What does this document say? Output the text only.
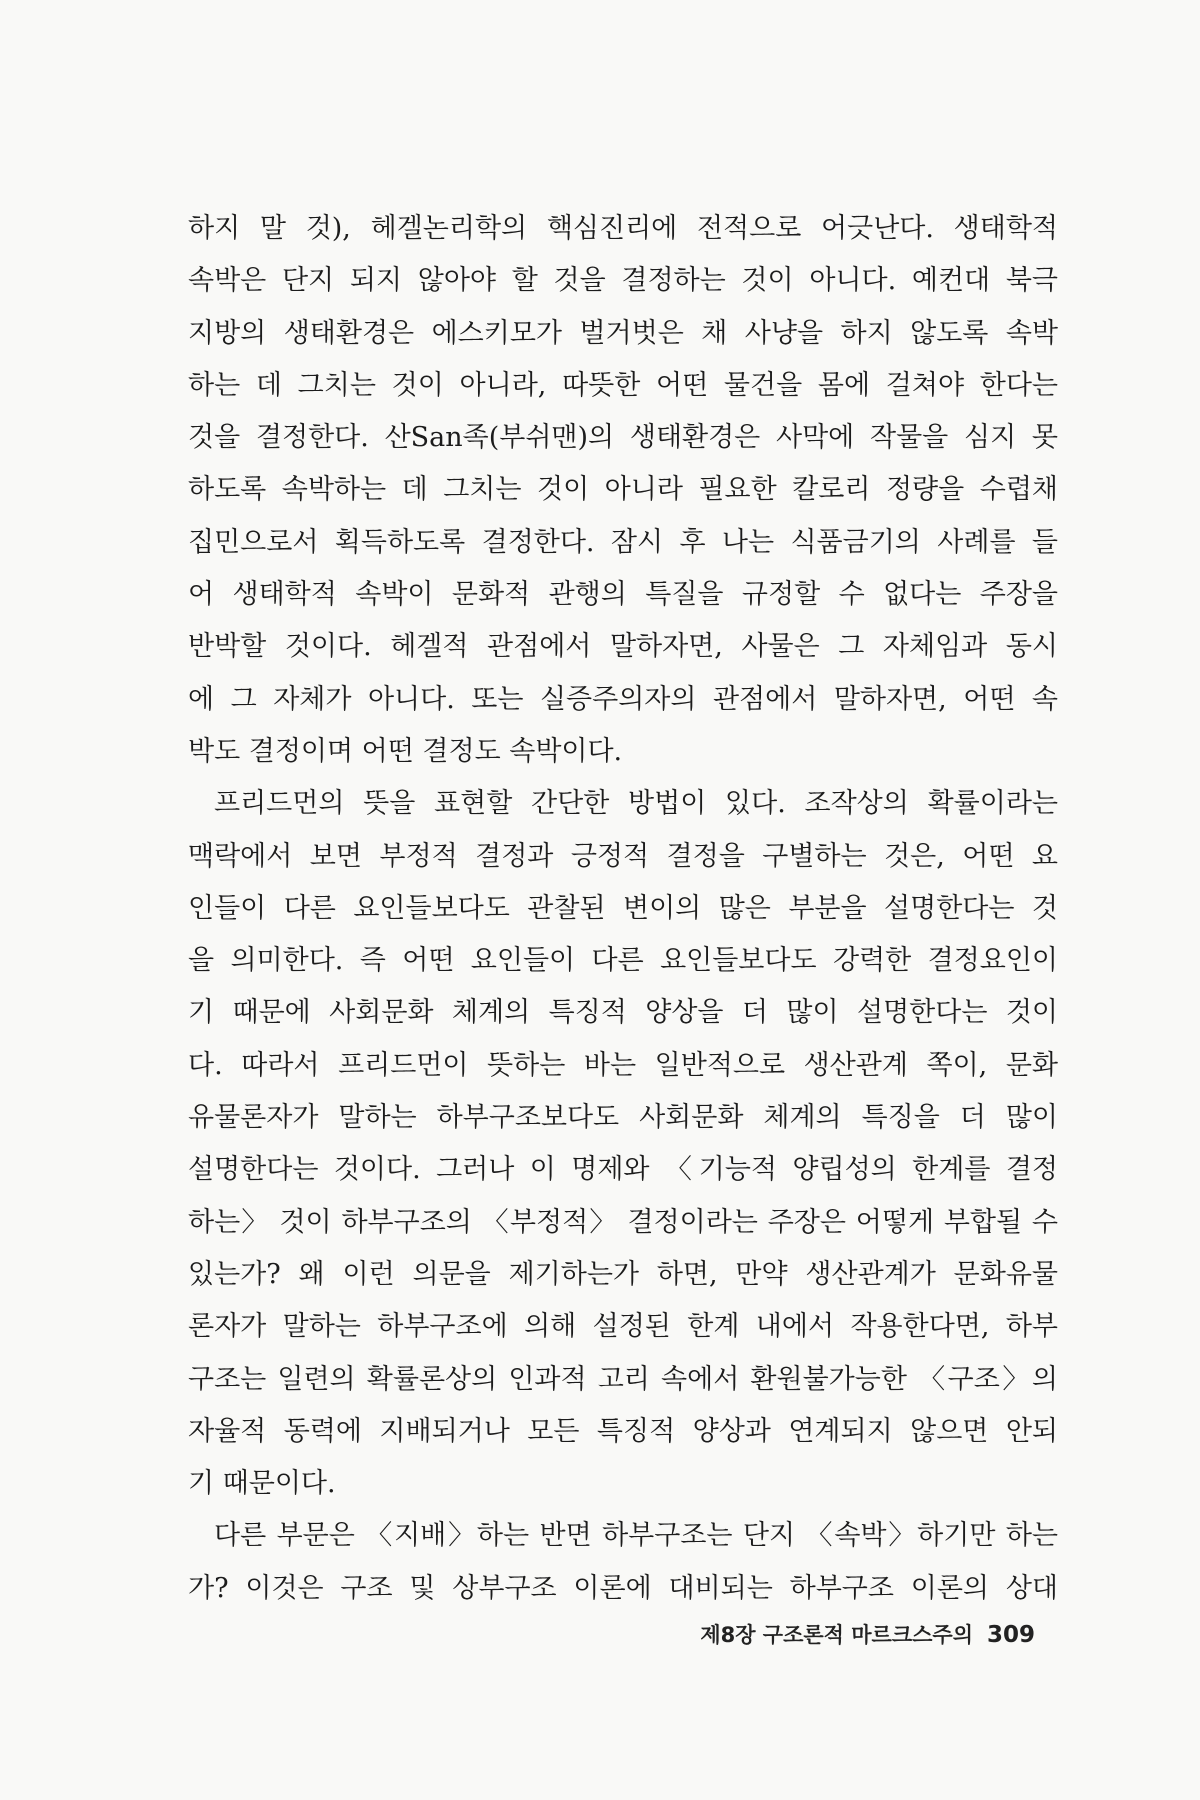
하지 말 것), 헤겔논리학의 핵심진리에 전적으로 어긋난다. 생태학적
속박은 단지 되지 않아야 할 것을 결정하는 것이 아니다. 예컨대 북극
지방의 생태환경은 에스키모가 벌거벗은 채 사냥을 하지 않도록 속박
하는 데 그치는 것이 아니라, 따뜻한 어떤 물건을 몸에 걸쳐야 한다는
것을 결정한다. 산San족(부쉬맨)의 생태환경은 사막에 작물을 심지 못
하도록 속박하는 데 그치는 것이 아니라 필요한 칼로리 정량을 수렵채
집민으로서 획득하도록 결정한다. 잠시 후 나는 식품금기의 사례를 들
어 생태학적 속박이 문화적 관행의 특질을 규정할 수 없다는 주장을
반박할 것이다. 헤겔적 관점에서 말하자면, 사물은 그 자체임과 동시
에 그 자체가 아니다. 또는 실증주의자의 관점에서 말하자면, 어떤 속
박도 결정이며 어떤 결정도 속박이다.
프리드먼의 뜻을 표현할 간단한 방법이 있다. 조작상의 확률이라는
맥락에서 보면 부정적 결정과 긍정적 결정을 구별하는 것은, 어떤 요
인들이 다른 요인들보다도 관찰된 변이의 많은 부분을 설명한다는 것
을 의미한다. 즉 어떤 요인들이 다른 요인들보다도 강력한 결정요인이
기 때문에 사회문화 체계의 특징적 양상을 더 많이 설명한다는 것이
다. 따라서 프리드먼이 뜻하는 바는 일반적으로 생산관계 쪽이, 문화
유물론자가 말하는 하부구조보다도 사회문화 체계의 특징을 더 많이
설명한다는 것이다. 그러나 이 명제와 〈기능적 양립성의 한계를 결정
하는〉 것이 하부구조의 〈부정적〉 결정이라는 주장은 어떻게 부합될 수
있는가? 왜 이런 의문을 제기하는가 하면, 만약 생산관계가 문화유물
론자가 말하는 하부구조에 의해 설정된 한계 내에서 작용한다면, 하부
구조는 일련의 확률론상의 인과적 고리 속에서 환원불가능한 〈구조〉의
자율적 동력에 지배되거나 모든 특징적 양상과 연계되지 않으면 안되
기 때문이다.
다른 부문은 〈지배〉하는 반면 하부구조는 단지 〈속박〉하기만 하는
가? 이것은 구조 및 상부구조 이론에 대비되는 하부구조 이론의 상대
제8장 구조론적 마르크스주의 309
